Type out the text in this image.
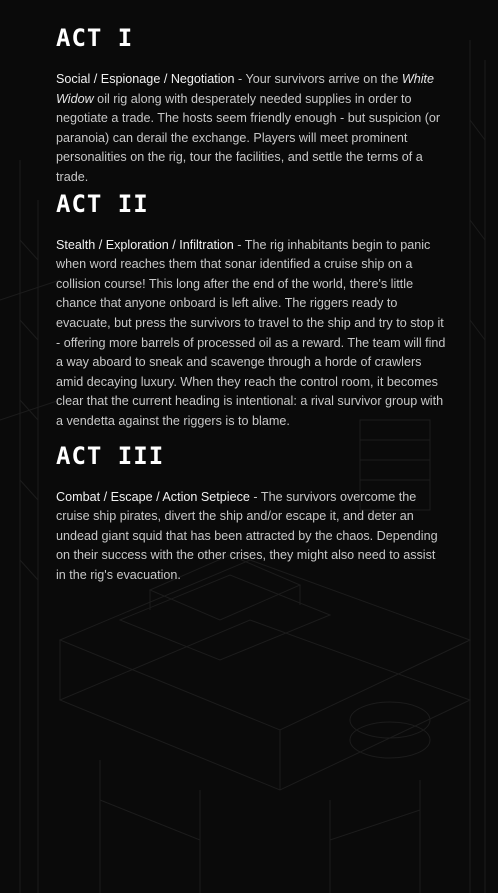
ACT I

Social / Espionage / Negotiation - Your survivors arrive on the White Widow oil rig along with desperately needed supplies in order to negotiate a trade. The hosts seem friendly enough - but suspicion (or paranoia) can derail the exchange. Players will meet prominent personalities on the rig, tour the facilities, and settle the terms of a trade.

ACT II

Stealth / Exploration / Infiltration - The rig inhabitants begin to panic when word reaches them that sonar identified a cruise ship on a collision course! This long after the end of the world, there's little chance that anyone onboard is left alive. The riggers ready to evacuate, but press the survivors to travel to the ship and try to stop it - offering more barrels of processed oil as a reward. The team will find a way aboard to sneak and scavenge through a horde of crawlers amid decaying luxury. When they reach the control room, it becomes clear that the current heading is intentional: a rival survivor group with a vendetta against the riggers is to blame.

ACT III

Combat / Escape / Action Setpiece - The survivors overcome the cruise ship pirates, divert the ship and/or escape it, and deter an undead giant squid that has been attracted by the chaos. Depending on their success with the other crises, they might also need to assist in the rig's evacuation.
